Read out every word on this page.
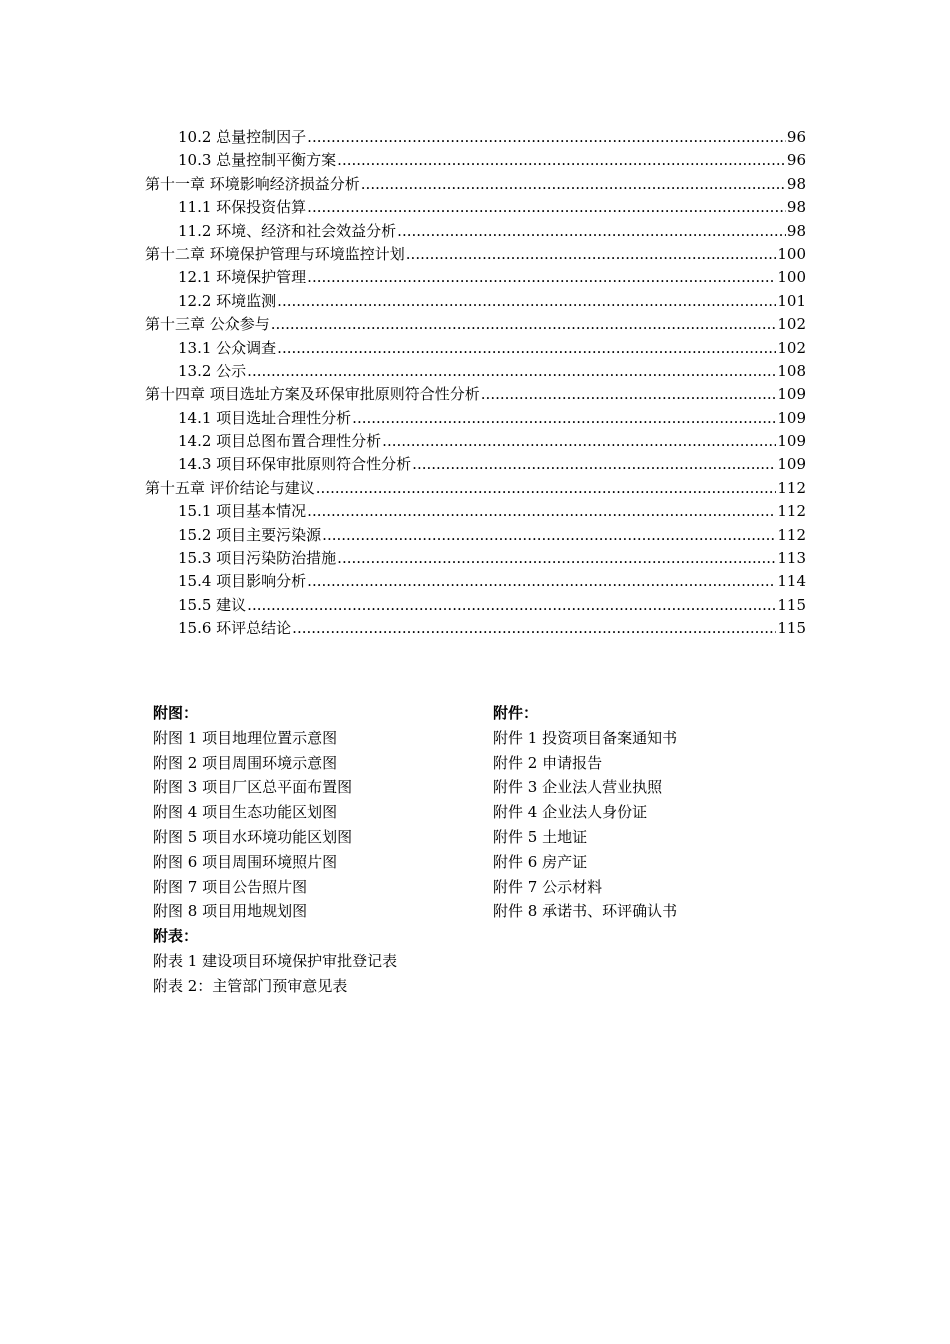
10.2 总量控制因子 .....	96
10.3 总量控制平衡方案 .....	96
第十一章 环境影响经济损益分析 .....	98
11.1 环保投资估算 .....	98
11.2 环境、经济和社会效益分析 .....	98
第十二章 环境保护管理与环境监控计划 .....	100
12.1 环境保护管理 .....	100
12.2 环境监测 .....	101
第十三章 公众参与 .....	102
13.1 公众调查 .....	102
13.2 公示 .....	108
第十四章 项目选址方案及环保审批原则符合性分析 .....	109
14.1 项目选址合理性分析 .....	109
14.2 项目总图布置合理性分析 .....	109
14.3 项目环保审批原则符合性分析 .....	109
第十五章 评价结论与建议 .....	112
15.1 项目基本情况 .....	112
15.2 项目主要污染源 .....	112
15.3 项目污染防治措施 .....	113
15.4 项目影响分析 .....	114
15.5 建议 .....	115
15.6 环评总结论 .....	115
附图：
附图 1 项目地理位置示意图
附图 2 项目周围环境示意图
附图 3 项目厂区总平面布置图
附图 4 项目生态功能区划图
附图 5 项目水环境功能区划图
附图 6 项目周围环境照片图
附图 7 项目公告照片图
附图 8 项目用地规划图
附件：
附件 1 投资项目备案通知书
附件 2 申请报告
附件 3 企业法人营业执照
附件 4 企业法人身份证
附件 5 土地证
附件 6 房产证
附件 7 公示材料
附件 8 承诺书、环评确认书
附表：
附表 1 建设项目环境保护审批登记表
附表 2：主管部门预审意见表
